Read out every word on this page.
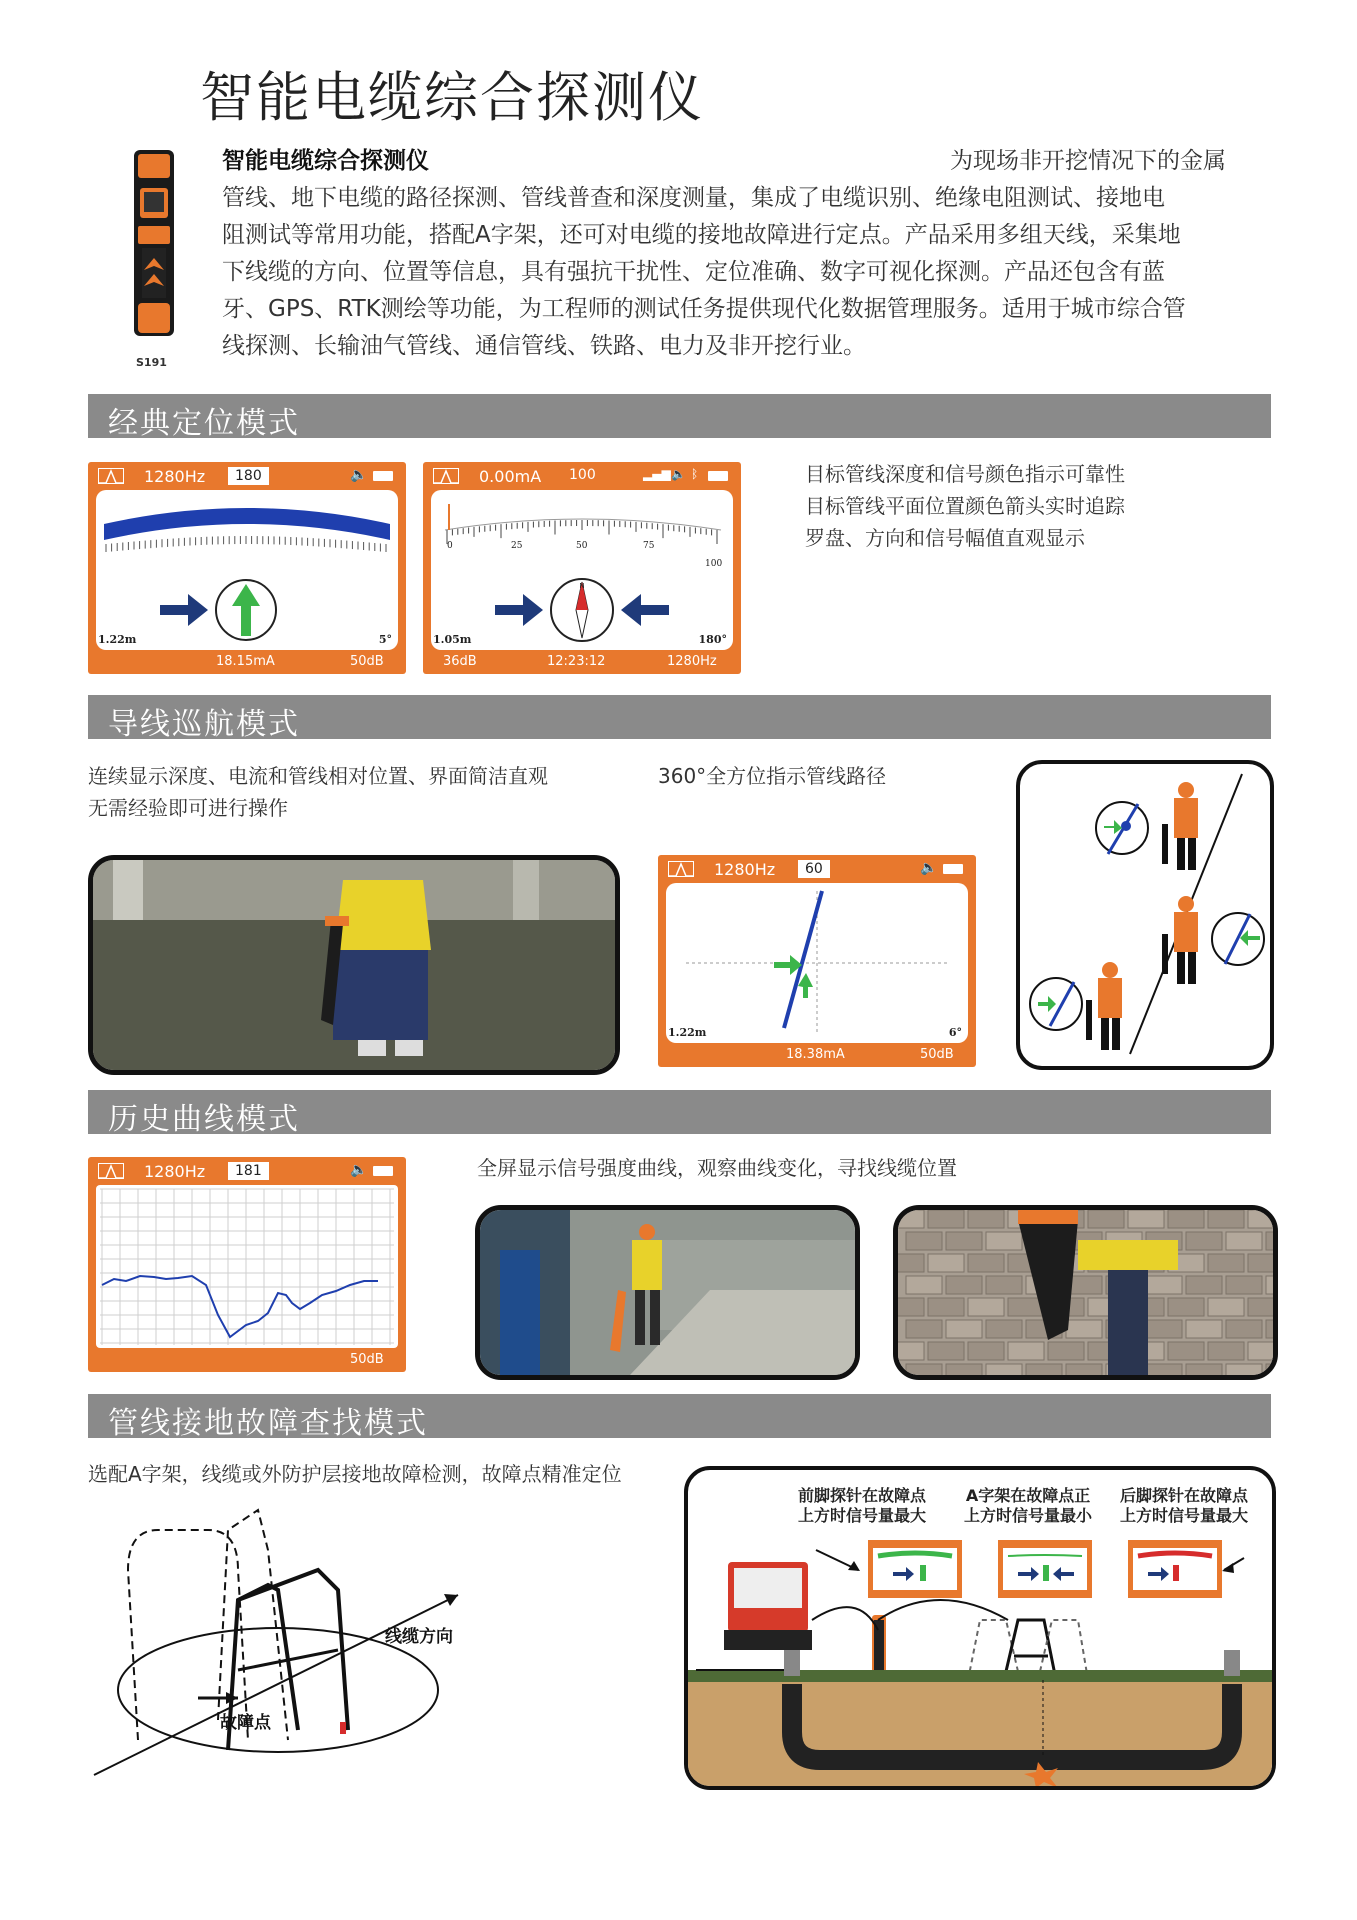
智能电缆综合探测仪
S191
智能电缆综合探测仪	为现场非开挖情况下的金属
管线、地下电缆的路径探测、管线普查和深度测量，集成了电缆识别、绝缘电阻测试、接地电
阻测试等常用功能，搭配A字架，还可对电缆的接地故障进行定点。产品采用多组天线，采集地
下线缆的方向、位置等信息，具有强抗干扰性、定位准确、数字可视化探测。产品还包含有蓝
牙、GPS、RTK测绘等功能，为工程师的测试任务提供现代化数据管理服务。适用于城市综合管
线探测、长输油气管线、通信管线、铁路、电力及非开挖行业。
经典定位模式
1280Hz	180	🔈
1.22m	5°
18.15mA	50dB
0.00mA 100	▂▄▆ 🔈 ᛒ
N
0	25	50	75
100
1.05m	180°
36dB	12:23:12	1280Hz
目标管线深度和信号颜色指示可靠性
目标管线平面位置颜色箭头实时追踪
罗盘、方向和信号幅值直观显示
导线巡航模式
连续显示深度、电流和管线相对位置、界面简洁直观
无需经验即可进行操作
360°全方位指示管线路径
1280Hz	60	🔈
1.22m	6°
18.38mA	50dB
历史曲线模式
1280Hz	181	🔈
50dB
全屏显示信号强度曲线，观察曲线变化，寻找线缆位置
管线接地故障查找模式
选配A字架，线缆或外防护层接地故障检测，故障点精准定位
线缆方向
故障点
前脚探针在故障点
上方时信号量最大
A字架在故障点正
上方时信号量最小
后脚探针在故障点
上方时信号量最大
